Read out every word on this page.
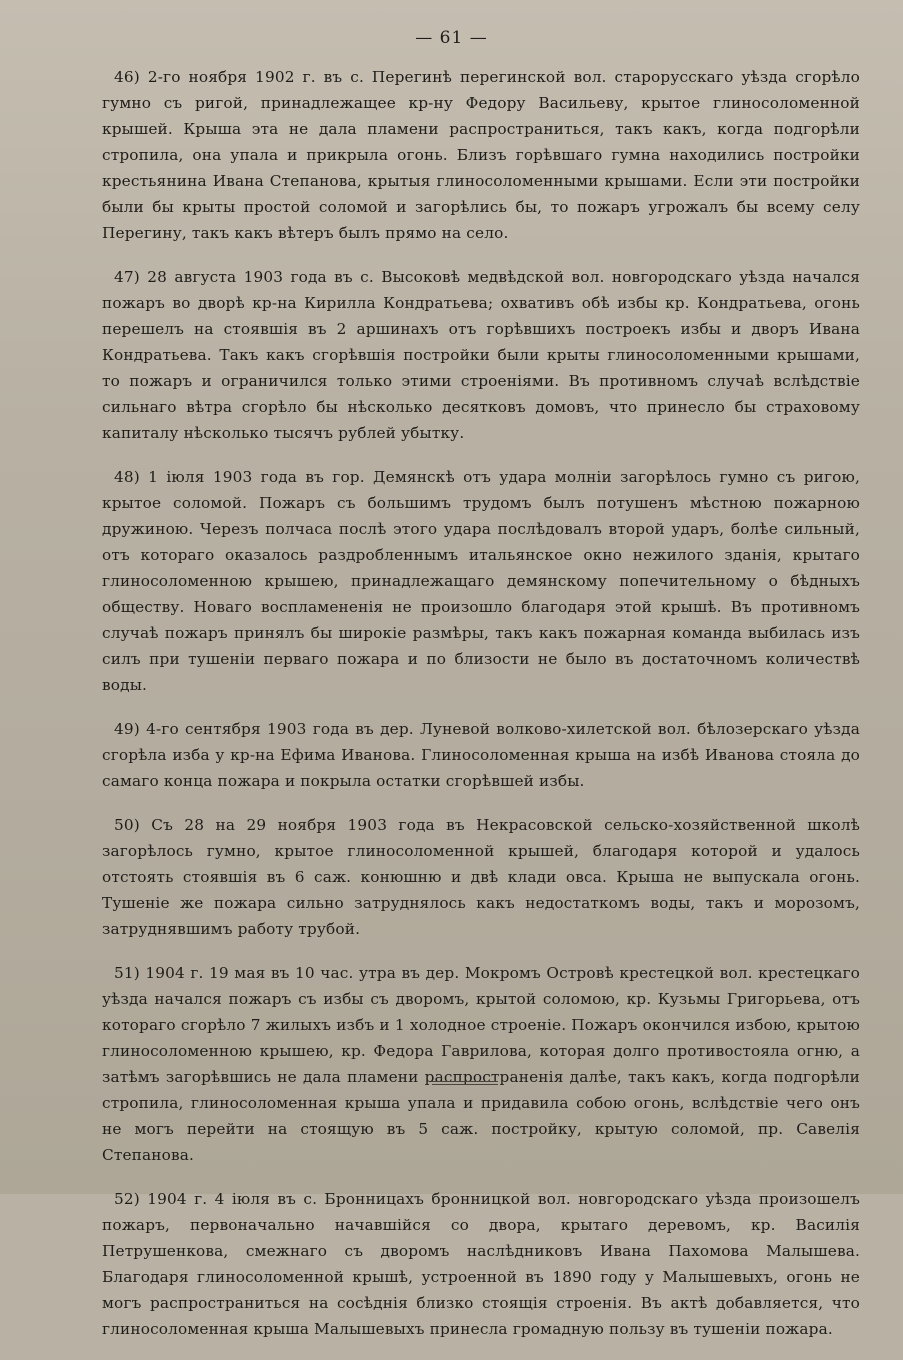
— 61 —

46) 2-го ноября 1902 г. въ с. Перегинѣ перегинской вол. старорусскаго уѣзда сгорѣло гумно съ ригой, принадлежащее кр-ну Федору Васильеву, крытое глиносоломенной крышей. Крыша эта не дала пламени распространиться, такъ какъ, когда подгорѣли стропила, она упала и прикрыла огонь. Близъ горѣвшаго гумна находились постройки крестьянина Ивана Степанова, крытыя глиносоломенными крышами. Если эти постройки были бы крыты простой соломой и загорѣлись бы, то пожаръ угрожалъ бы всему селу Перегину, такъ какъ вѣтеръ былъ прямо на село.

47) 28 августа 1903 года въ с. Высоковѣ медвѣдской вол. новгородскаго уѣзда начался пожаръ во дворѣ кр-на Кирилла Кондратьева; охвативъ обѣ избы кр. Кондратьева, огонь перешелъ на стоявшія въ 2 аршинахъ отъ горѣвшихъ построекъ избы и дворъ Ивана Кондратьева. Такъ какъ сгорѣвшія постройки были крыты глиносоломенными крышами, то пожаръ и ограничился только этими строеніями. Въ противномъ случаѣ вслѣдствіе сильнаго вѣтра сгорѣло бы нѣсколько десятковъ домовъ, что принесло бы страховому капиталу нѣсколько тысячъ рублей убытку.

48) 1 іюля 1903 года въ гор. Демянскѣ отъ удара молніи загорѣлось гумно съ ригою, крытое соломой. Пожаръ съ большимъ трудомъ былъ потушенъ мѣстною пожарною дружиною. Черезъ полчаса послѣ этого удара послѣдовалъ второй ударъ, болѣе сильный, отъ котораго оказалось раздробленнымъ итальянское окно нежилого зданія, крытаго глиносоломенною крышею, принадлежащаго демянскому попечительному о бѣдныхъ обществу. Новаго воспламененія не произошло благодаря этой крышѣ. Въ противномъ случаѣ пожаръ принялъ бы широкіе размѣры, такъ какъ пожарная команда выбилась изъ силъ при тушеніи перваго пожара и по близости не было въ достаточномъ количествѣ воды.

49) 4-го сентября 1903 года въ дер. Луневой волково-хилетской вол. бѣлозерскаго уѣзда сгорѣла изба у кр-на Ефима Иванова. Глиносоломенная крыша на избѣ Иванова стояла до самаго конца пожара и покрыла остатки сгорѣвшей избы.

50) Съ 28 на 29 ноября 1903 года въ Некрасовской сельско-хозяйственной школѣ загорѣлось гумно, крытое глиносоломенной крышей, благодаря которой и удалось отстоять стоявшія въ 6 саж. конюшню и двѣ клади овса. Крыша не выпускала огонь. Тушеніе же пожара сильно затруднялось какъ недостаткомъ воды, такъ и морозомъ, затруднявшимъ работу трубой.

51) 1904 г. 19 мая въ 10 час. утра въ дер. Мокромъ Островѣ крестецкой вол. крестецкаго уѣзда начался пожаръ съ избы съ дворомъ, крытой соломою, кр. Кузьмы Григорьева, отъ котораго сгорѣло 7 жилыхъ избъ и 1 холодное строеніе. Пожаръ окончился избою, крытою глиносоломенною крышею, кр. Федора Гаврилова, которая долго противостояла огню, а затѣмъ загорѣвшись не дала пламени распространенія далѣе, такъ какъ, когда подгорѣли стропила, глиносоломенная крыша упала и придавила собою огонь, вслѣдствіе чего онъ не могъ перейти на стоящую въ 5 саж. постройку, крытую соломой, пр. Савелія Степанова.

52) 1904 г. 4 іюля въ с. Бронницахъ бронницкой вол. новгородскаго уѣзда произошелъ пожаръ, первоначально начавшійся со двора, крытаго деревомъ, кр. Василія Петрушенкова, смежнаго съ дворомъ наслѣдниковъ Ивана Пахомова Малышева. Благодаря глиносоломенной крышѣ, устроенной въ 1890 году у Малышевыхъ, огонь не могъ распространиться на сосѣднія близко стоящія строенія. Въ актѣ добавляется, что глиносоломенная крыша Малышевыхъ принесла громадную пользу въ тушеніи пожара.
